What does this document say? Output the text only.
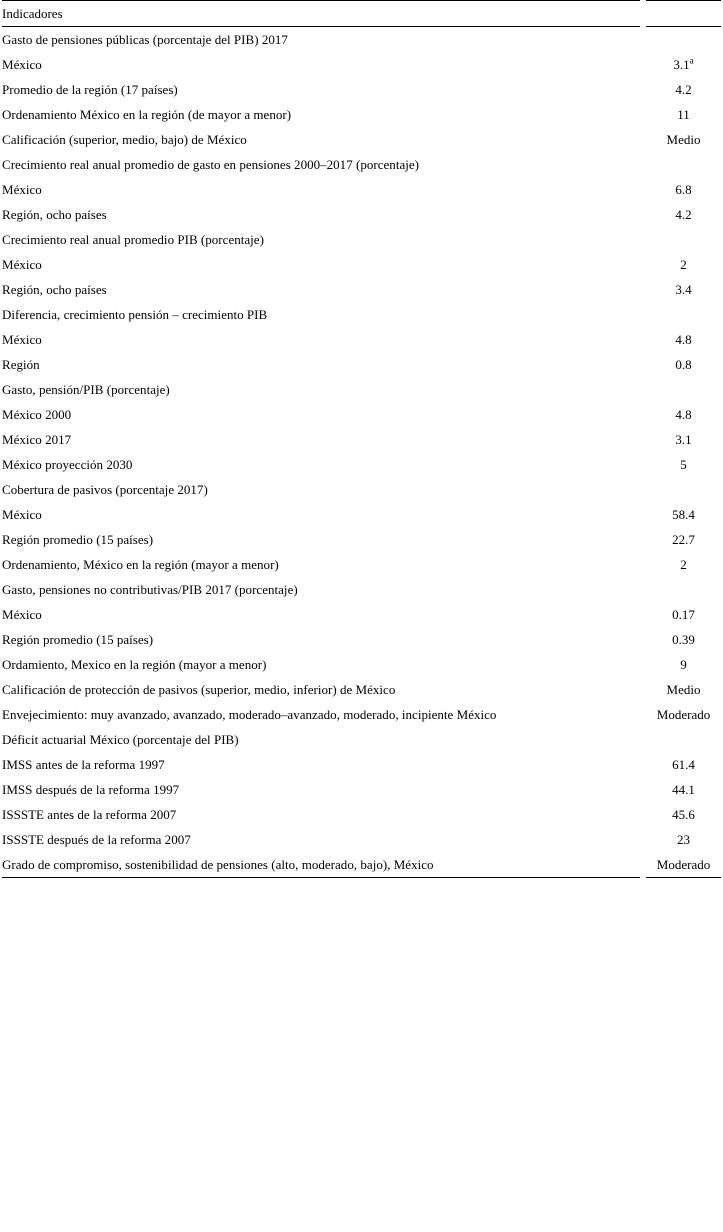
Indicadores		
Gasto de pensiones públicas (porcentaje del PIB) 2017		
México		3.1$^a$
Promedio de la región (17 países)		4.2
Ordenamiento México en la región (de mayor a menor)		11
Calificación (superior, medio, bajo) de México		Medio
Crecimiento real anual promedio de gasto en pensiones 2000–2017 (porcentaje)		
México		6.8
Región, ocho países		4.2
Crecimiento real anual promedio PIB (porcentaje)		
México		2
Región, ocho países		3.4
Diferencia, crecimiento pensión – crecimiento PIB		
México		4.8
Región		0.8
Gasto, pensión/PIB (porcentaje)		
México 2000		4.8
México 2017		3.1
México proyección 2030		5
Cobertura de pasivos (porcentaje 2017)		
México		58.4
Región promedio (15 países)		22.7
Ordenamiento, México en la región (mayor a menor)		2
Gasto, pensiones no contributivas/PIB 2017 (porcentaje)		
México		0.17
Región promedio (15 países)		0.39
Ordamiento, Mexico en la región (mayor a menor)		9
Calificación de protección de pasivos (superior, medio, inferior) de México		Medio
Envejecimiento: muy avanzado, avanzado, moderado–avanzado, moderado, incipiente México		Moderado
Déficit actuarial México (porcentaje del PIB)		
IMSS antes de la reforma 1997		61.4
IMSS después de la reforma 1997		44.1
ISSSTE antes de la reforma 2007		45.6
ISSSTE después de la reforma 2007		23
Grado de compromiso, sostenibilidad de pensiones (alto, moderado, bajo), México		Moderado
